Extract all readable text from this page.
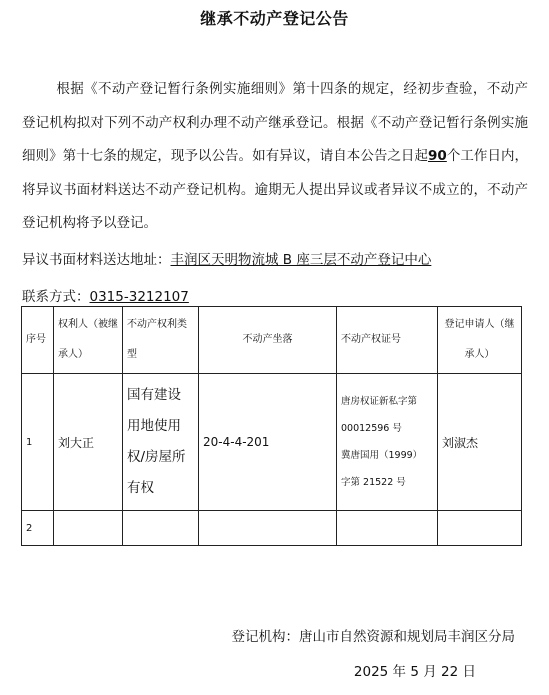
继承不动产登记公告
根据《不动产登记暂行条例实施细则》第十四条的规定，经初步查验，不动产登记机构拟对下列不动产权利办理不动产继承登记。根据《不动产登记暂行条例实施细则》第十七条的规定，现予以公告。如有异议，请自本公告之日起90个工作日内，将异议书面材料送达不动产登记机构。逾期无人提出异议或者异议不成立的，不动产登记机构将予以登记。
异议书面材料送达地址：丰润区天明物流城 B 座三层不动产登记中心
联系方式：0315-3212107
序号	权利人（被继承人）	不动产权利类型	不动产坐落	不动产权证号	登记申请人（继承人）
1	刘大正	国有建设用地使用权/房屋所有权	20-4-4-201	唐房权证新私字第
00012596 号
冀唐国用（1999）
字第 21522 号	刘淑杰
2					
登记机构：唐山市自然资源和规划局丰润区分局
2025 年 5 月 22 日
